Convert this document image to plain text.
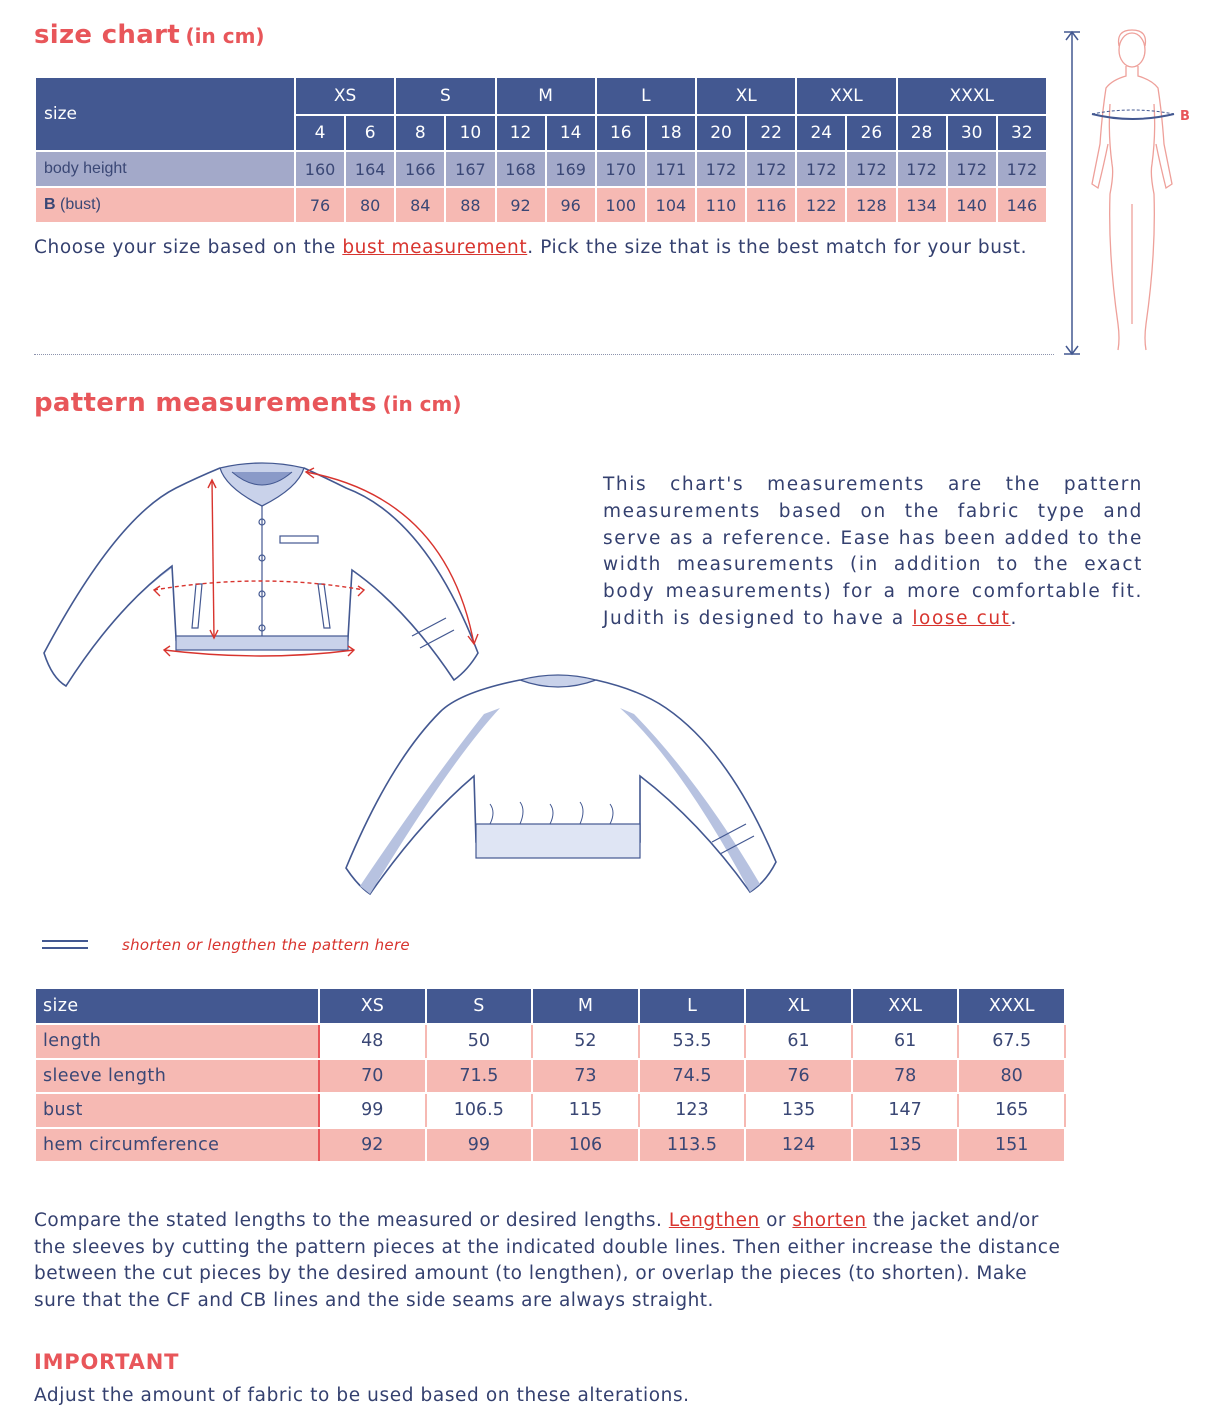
size chart (in cm)
size	XS		S		M		L		XL		XXL		XXXL		
	4	6	8	10	12	14	16	18	20	22	24	26	28	30	32
body height	160	164	166	167	168	169	170	171	172	172	172	172	172	172	172
B (bust)	76	80	84	88	92	96	100	104	110	116	122	128	134	140	146
Choose your size based on the bust measurement. Pick the size that is the best match for your bust.
B
pattern measurements (in cm)
This chart's measurements are the pattern measurements based on the fabric type and serve as a reference. Ease has been added to the width measurements (in addition to the exact body measurements) for a more comfortable fit. Judith is designed to have a loose cut.
shorten or lengthen the pattern here
size	XS	S	M	L	XL	XXL	XXXL
length	48	50	52	53.5	61	61	67.5
sleeve length	70	71.5	73	74.5	76	78	80
bust	99	106.5	115	123	135	147	165
hem circumference	92	99	106	113.5	124	135	151
Compare the stated lengths to the measured or desired lengths. Lengthen or shorten the jacket and/or the sleeves by cutting the pattern pieces at the indicated double lines. Then either increase the distance between the cut pieces by the desired amount (to lengthen), or overlap the pieces (to shorten). Make sure that the CF and CB lines and the side seams are always straight.
IMPORTANT
Adjust the amount of fabric to be used based on these alterations.
